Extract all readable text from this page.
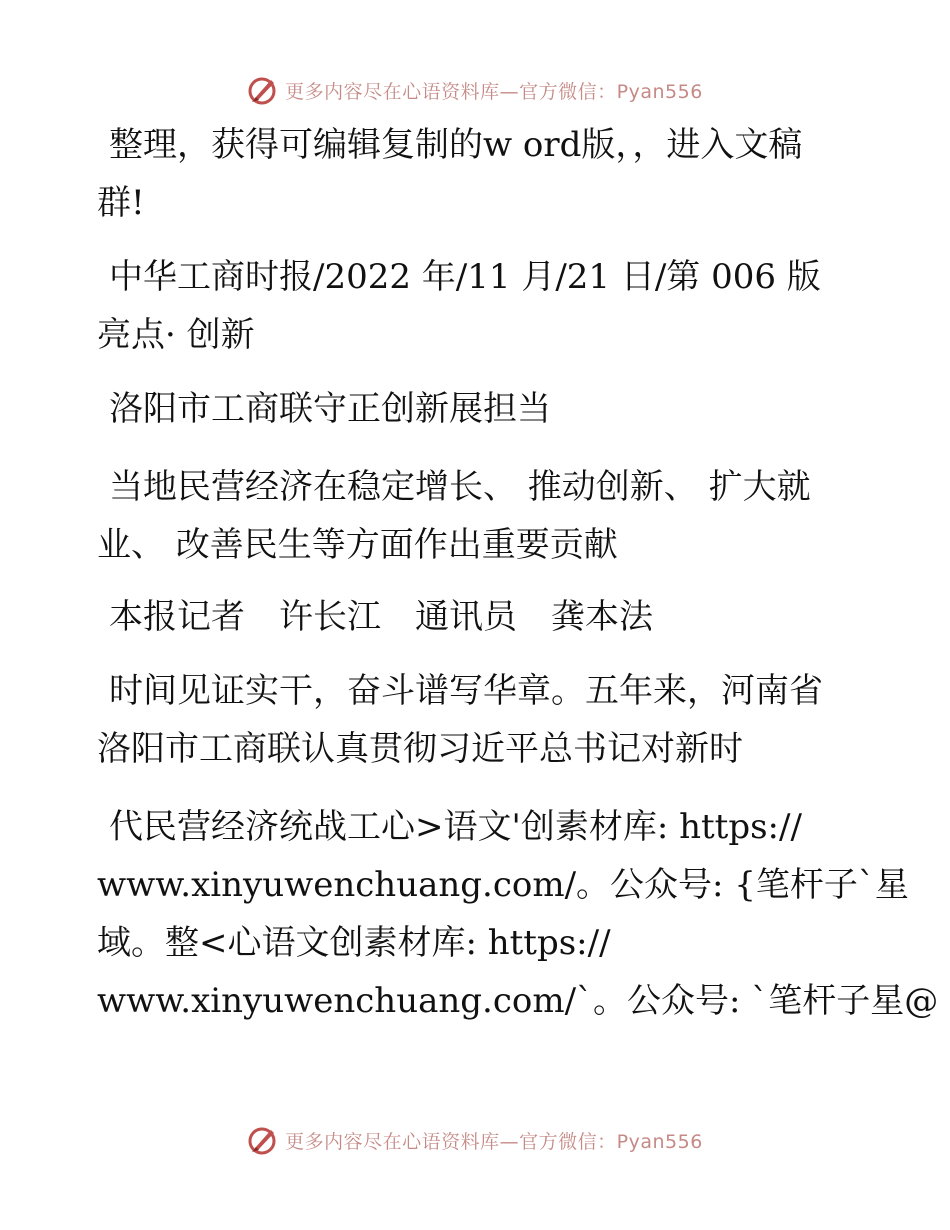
更多内容尽在心语资料库—官方微信：Pyan556
整理，获得可编辑复制的w ord版，，进入文稿
群!
中华工商时报/2022 年/11 月/21 日/第 006 版
亮点· 创新
洛阳市工商联守正创新展担当
当地民营经济在稳定增长、 推动创新、 扩大就
业、 改善民生等方面作出重要贡献
本报记者　许长江　通讯员　龚本法
时间见证实干，奋斗谱写华章。五年来，河南省
洛阳市工商联认真贯彻习近平总书记对新时
代民营经济统战工心>语文'创素材库: https://
www.xinyuwenchuang.com/。公众号: {笔杆子`星
域。整<心语文创素材库: https://
www.xinyuwenchuang.com/`。公众号: `笔杆子星@
更多内容尽在心语资料库—官方微信：Pyan556
